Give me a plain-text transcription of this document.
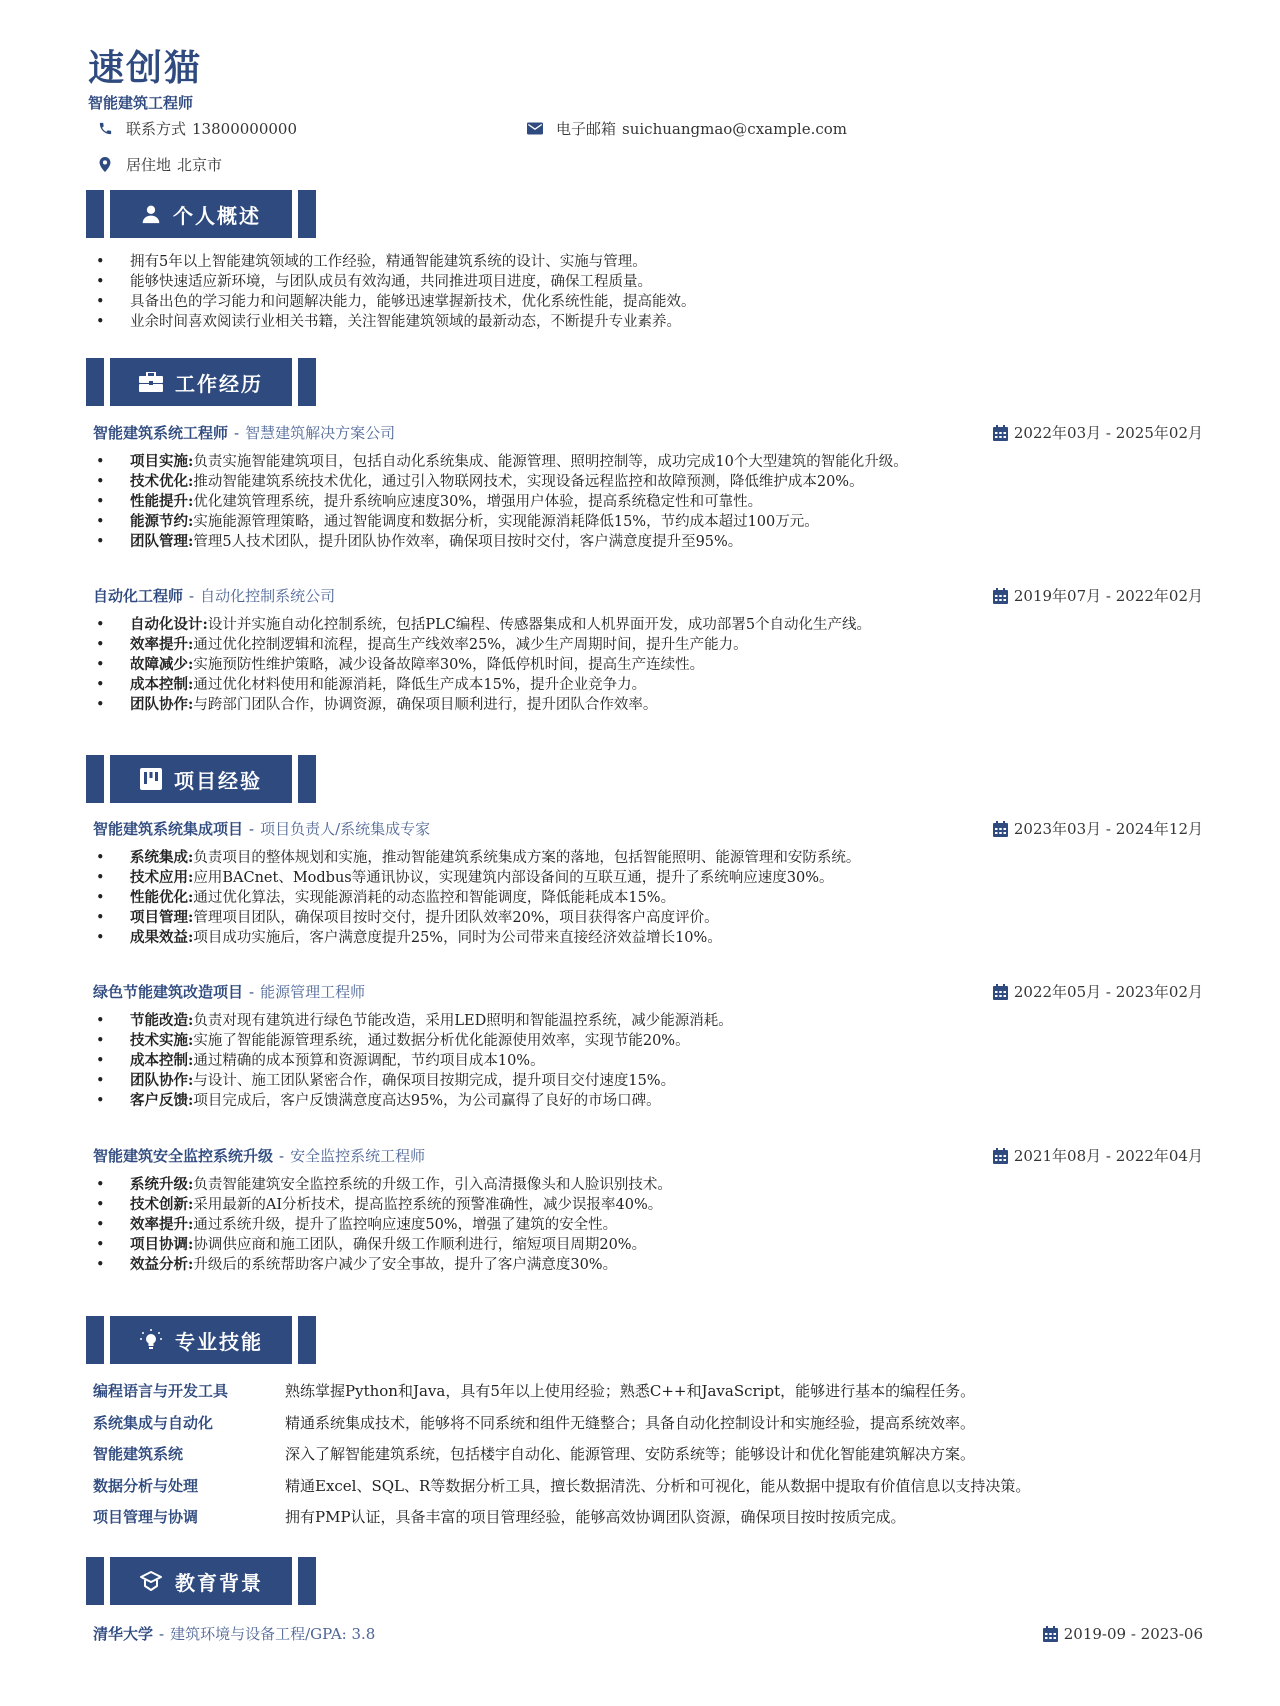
速创猫
智能建筑工程师
联系方式 13800000000	电子邮箱 suichuangmao@cxample.com
居住地 北京市
个人概述
• 拥有5年以上智能建筑领域的工作经验，精通智能建筑系统的设计、实施与管理。
• 能够快速适应新环境，与团队成员有效沟通，共同推进项目进度，确保工程质量。
• 具备出色的学习能力和问题解决能力，能够迅速掌握新技术，优化系统性能，提高能效。
• 业余时间喜欢阅读行业相关书籍，关注智能建筑领域的最新动态，不断提升专业素养。
工作经历
智能建筑系统工程师 - 智慧建筑解决方案公司	2022年03月 - 2025年02月
• 项目实施:负责实施智能建筑项目，包括自动化系统集成、能源管理、照明控制等，成功完成10个大型建筑的智能化升级。
• 技术优化:推动智能建筑系统技术优化，通过引入物联网技术，实现设备远程监控和故障预测，降低维护成本20%。
• 性能提升:优化建筑管理系统，提升系统响应速度30%，增强用户体验，提高系统稳定性和可靠性。
• 能源节约:实施能源管理策略，通过智能调度和数据分析，实现能源消耗降低15%，节约成本超过100万元。
• 团队管理:管理5人技术团队，提升团队协作效率，确保项目按时交付，客户满意度提升至95%。
自动化工程师 - 自动化控制系统公司	2019年07月 - 2022年02月
• 自动化设计:设计并实施自动化控制系统，包括PLC编程、传感器集成和人机界面开发，成功部署5个自动化生产线。
• 效率提升:通过优化控制逻辑和流程，提高生产线效率25%，减少生产周期时间，提升生产能力。
• 故障减少:实施预防性维护策略，减少设备故障率30%，降低停机时间，提高生产连续性。
• 成本控制:通过优化材料使用和能源消耗，降低生产成本15%，提升企业竞争力。
• 团队协作:与跨部门团队合作，协调资源，确保项目顺利进行，提升团队合作效率。
项目经验
智能建筑系统集成项目 - 项目负责人/系统集成专家	2023年03月 - 2024年12月
• 系统集成:负责项目的整体规划和实施，推动智能建筑系统集成方案的落地，包括智能照明、能源管理和安防系统。
• 技术应用:应用BACnet、Modbus等通讯协议，实现建筑内部设备间的互联互通，提升了系统响应速度30%。
• 性能优化:通过优化算法，实现能源消耗的动态监控和智能调度，降低能耗成本15%。
• 项目管理:管理项目团队，确保项目按时交付，提升团队效率20%，项目获得客户高度评价。
• 成果效益:项目成功实施后，客户满意度提升25%，同时为公司带来直接经济效益增长10%。
绿色节能建筑改造项目 - 能源管理工程师	2022年05月 - 2023年02月
• 节能改造:负责对现有建筑进行绿色节能改造，采用LED照明和智能温控系统，减少能源消耗。
• 技术实施:实施了智能能源管理系统，通过数据分析优化能源使用效率，实现节能20%。
• 成本控制:通过精确的成本预算和资源调配，节约项目成本10%。
• 团队协作:与设计、施工团队紧密合作，确保项目按期完成，提升项目交付速度15%。
• 客户反馈:项目完成后，客户反馈满意度高达95%，为公司赢得了良好的市场口碑。
智能建筑安全监控系统升级 - 安全监控系统工程师	2021年08月 - 2022年04月
• 系统升级:负责智能建筑安全监控系统的升级工作，引入高清摄像头和人脸识别技术。
• 技术创新:采用最新的AI分析技术，提高监控系统的预警准确性，减少误报率40%。
• 效率提升:通过系统升级，提升了监控响应速度50%，增强了建筑的安全性。
• 项目协调:协调供应商和施工团队，确保升级工作顺利进行，缩短项目周期20%。
• 效益分析:升级后的系统帮助客户减少了安全事故，提升了客户满意度30%。
专业技能
编程语言与开发工具	熟练掌握Python和Java，具有5年以上使用经验；熟悉C++和JavaScript，能够进行基本的编程任务。
系统集成与自动化	精通系统集成技术，能够将不同系统和组件无缝整合；具备自动化控制设计和实施经验，提高系统效率。
智能建筑系统	深入了解智能建筑系统，包括楼宇自动化、能源管理、安防系统等；能够设计和优化智能建筑解决方案。
数据分析与处理	精通Excel、SQL、R等数据分析工具，擅长数据清洗、分析和可视化，能从数据中提取有价值信息以支持决策。
项目管理与协调	拥有PMP认证，具备丰富的项目管理经验，能够高效协调团队资源，确保项目按时按质完成。
教育背景
清华大学 - 建筑环境与设备工程/GPA: 3.8	2019-09 - 2023-06
